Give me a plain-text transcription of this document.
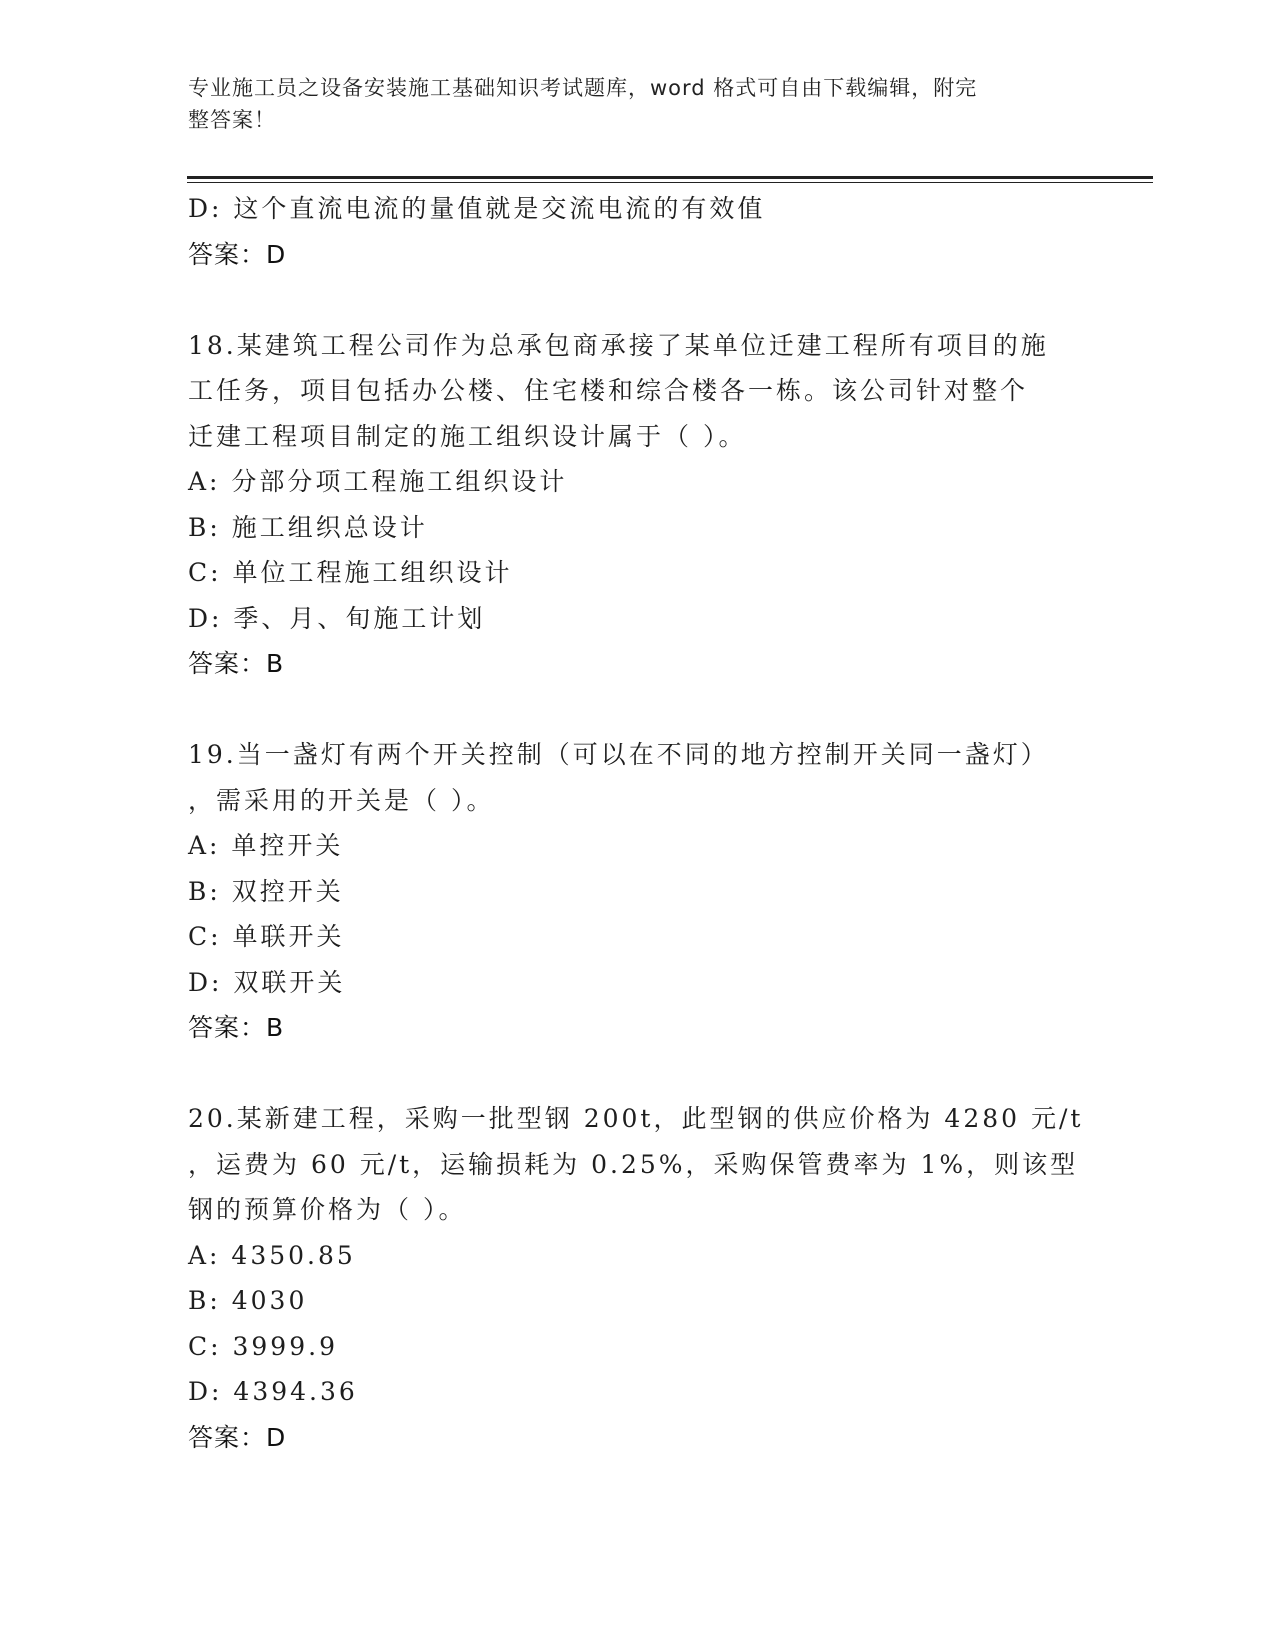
专业施工员之设备安装施工基础知识考试题库，word 格式可自由下载编辑，附完
整答案！
D: 这个直流电流的量值就是交流电流的有效值
答案：D
18.某建筑工程公司作为总承包商承接了某单位迁建工程所有项目的施
工任务，项目包括办公楼、住宅楼和综合楼各一栋。该公司针对整个
迁建工程项目制定的施工组织设计属于（ ）。
A: 分部分项工程施工组织设计
B: 施工组织总设计
C: 单位工程施工组织设计
D: 季、月、旬施工计划
答案：B
19.当一盏灯有两个开关控制（可以在不同的地方控制开关同一盏灯）
，需采用的开关是（ ）。
A: 单控开关
B: 双控开关
C: 单联开关
D: 双联开关
答案：B
20.某新建工程，采购一批型钢 200t，此型钢的供应价格为 4280 元/t
，运费为 60 元/t，运输损耗为 0.25%，采购保管费率为 1%，则该型
钢的预算价格为（ ）。
A: 4350.85
B: 4030
C: 3999.9
D: 4394.36
答案：D
